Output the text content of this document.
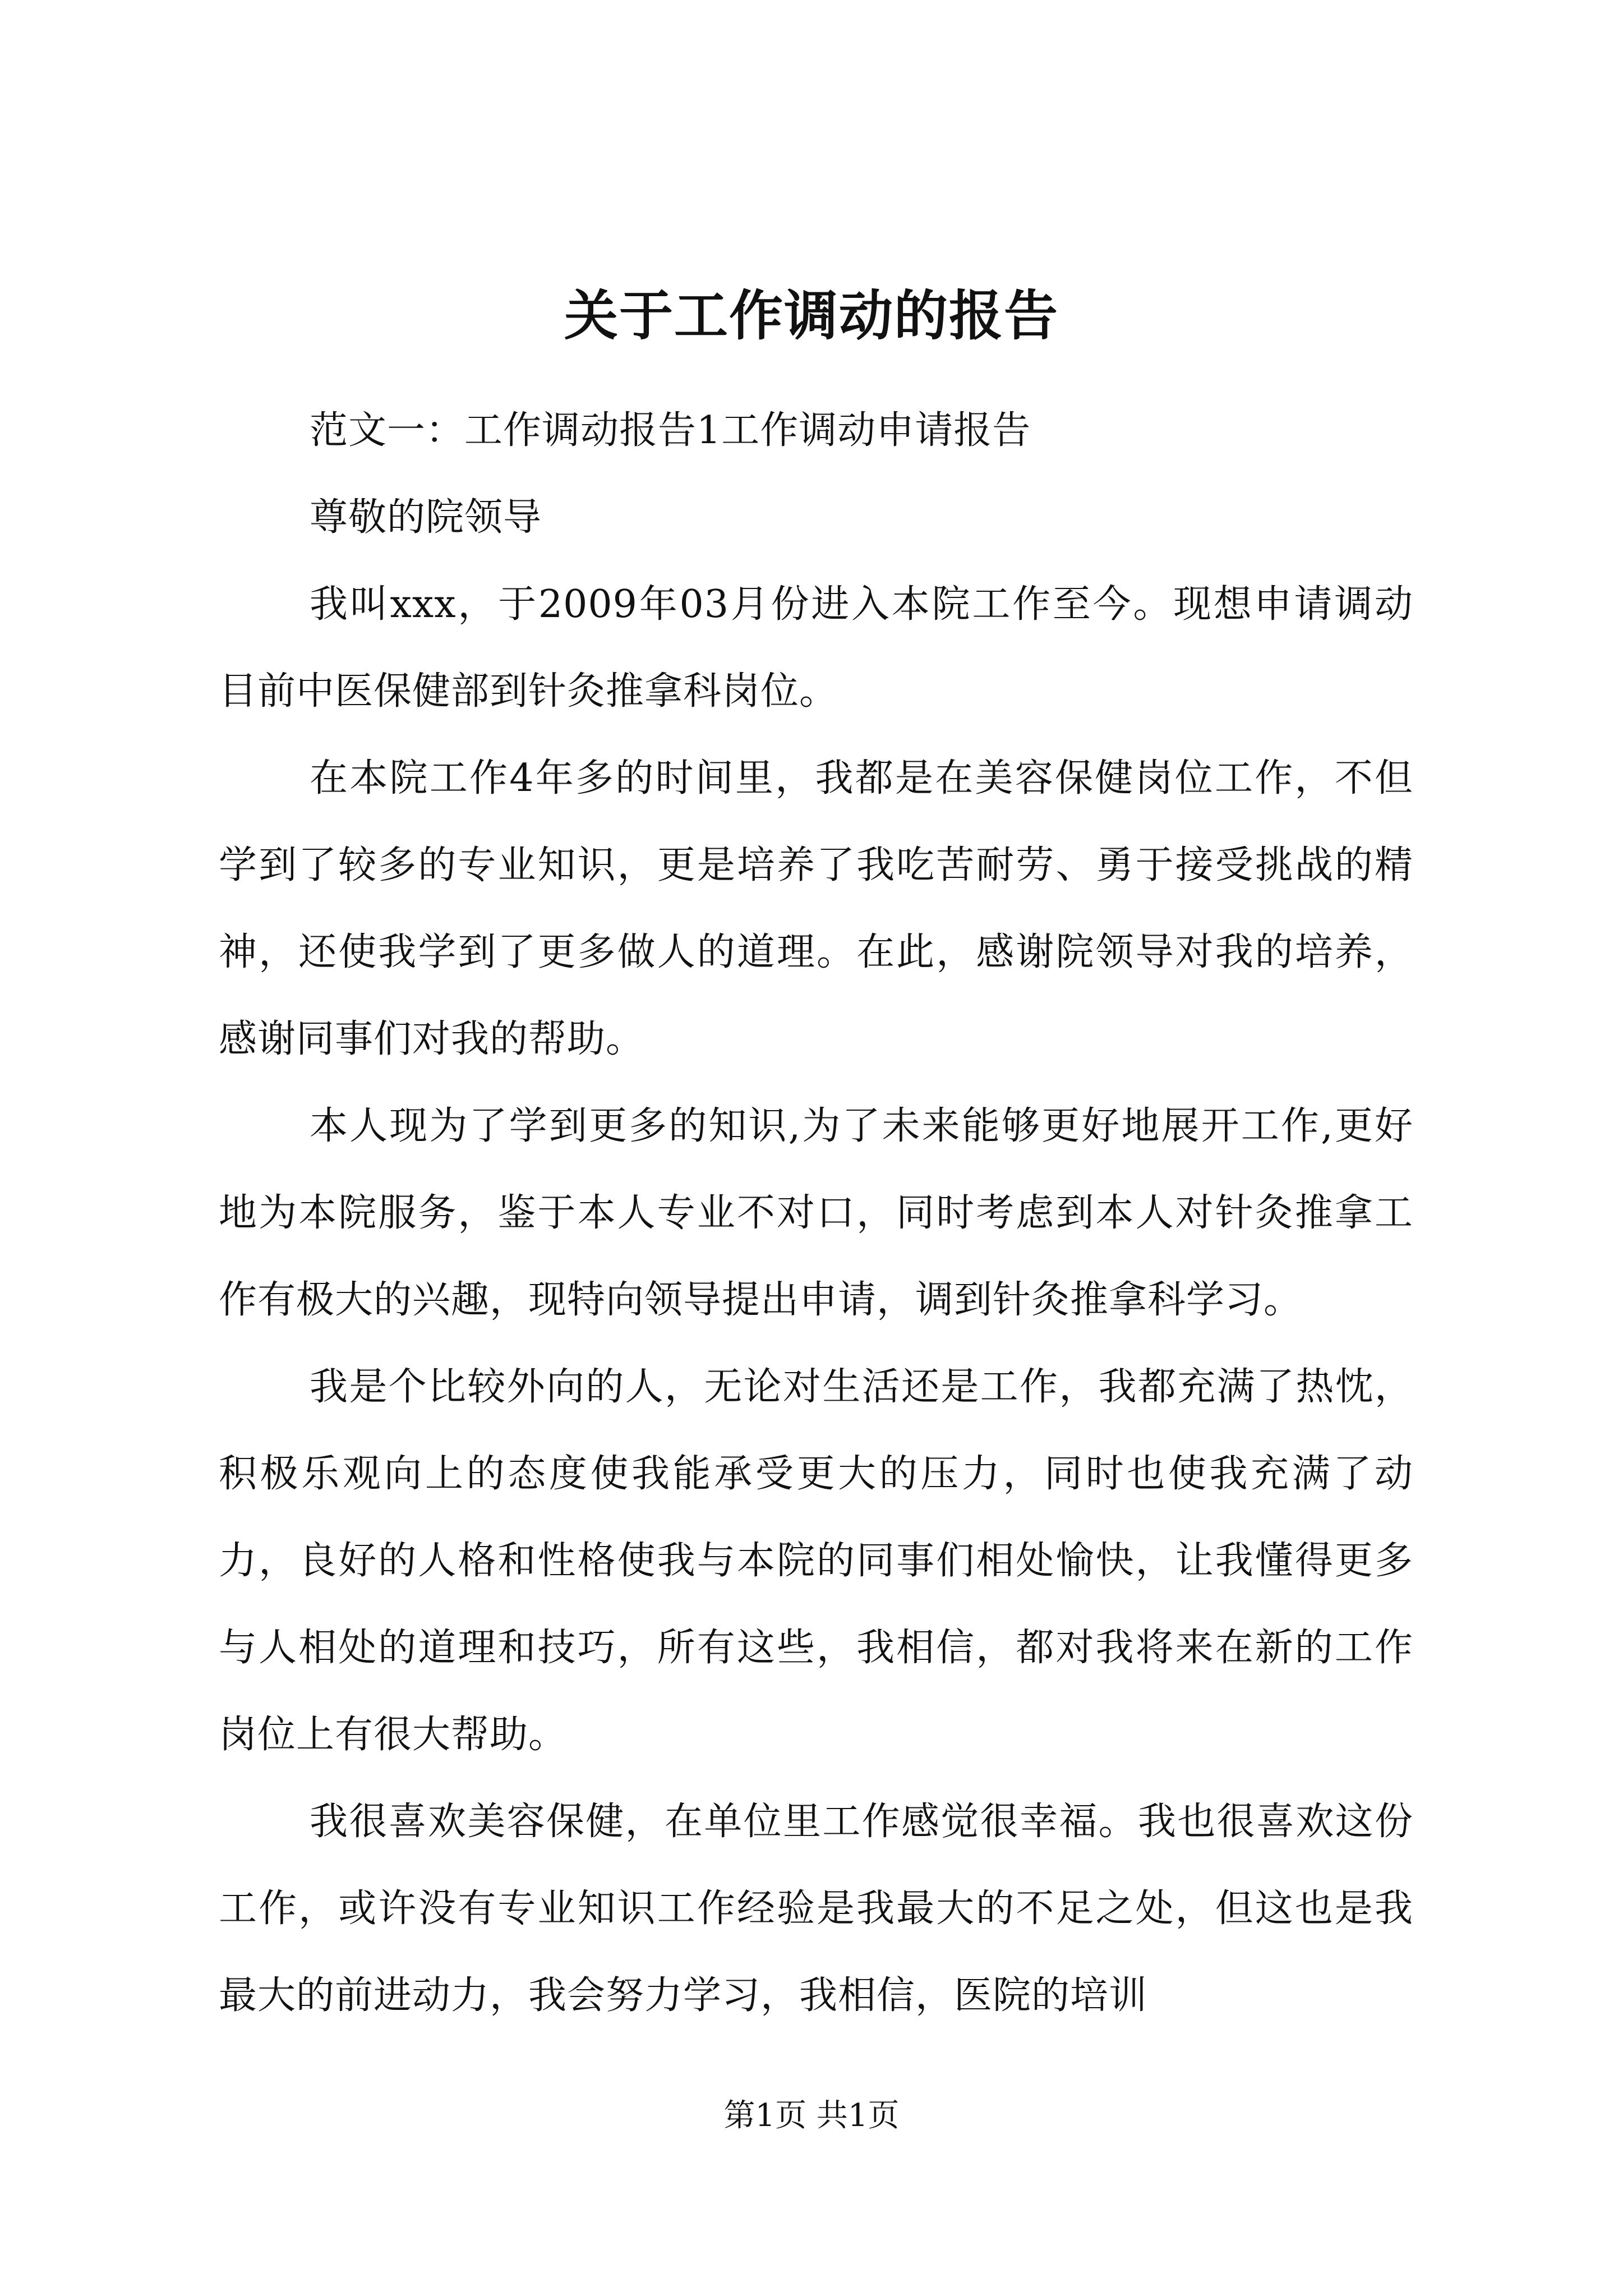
关于工作调动的报告

范文一：工作调动报告1工作调动申请报告

尊敬的院领导

我叫xxx，于2009年03月份进入本院工作至今。现想申请调动目前中医保健部到针灸推拿科岗位。

在本院工作4年多的时间里，我都是在美容保健岗位工作，不但学到了较多的专业知识，更是培养了我吃苦耐劳、勇于接受挑战的精神，还使我学到了更多做人的道理。在此，感谢院领导对我的培养，感谢同事们对我的帮助。

本人现为了学到更多的知识,为了未来能够更好地展开工作,更好地为本院服务，鉴于本人专业不对口，同时考虑到本人对针灸推拿工作有极大的兴趣，现特向领导提出申请，调到针灸推拿科学习。

我是个比较外向的人，无论对生活还是工作，我都充满了热忱，积极乐观向上的态度使我能承受更大的压力，同时也使我充满了动力，良好的人格和性格使我与本院的同事们相处愉快，让我懂得更多与人相处的道理和技巧，所有这些，我相信，都对我将来在新的工作岗位上有很大帮助。

我很喜欢美容保健，在单位里工作感觉很幸福。我也很喜欢这份工作，或许没有专业知识工作经验是我最大的不足之处，但这也是我最大的前进动力，我会努力学习，我相信，医院的培训

第1页 共1页
